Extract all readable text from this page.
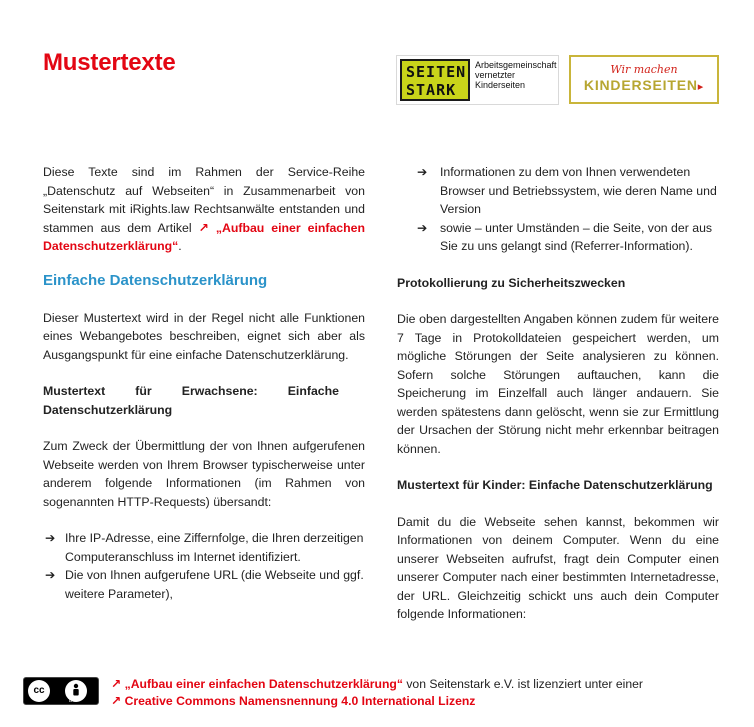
Mustertexte	SEITEN
STARK
Arbeitsgemeinschaft
vernetzter
Kinderseiten
Wir machen
KINDERSEITEN▸

Diese Texte sind im Rahmen der Service-Reihe „Datenschutz auf Webseiten“ in Zusammenarbeit von Seitenstark mit iRights.law Rechtsanwälte entstanden und stammen aus dem Artikel ↗ „Aufbau einer einfachen Datenschutzerklärung“.

Einfache Datenschutzerklärung

Dieser Mustertext wird in der Regel nicht alle Funktionen eines Webangebotes beschreiben, eignet sich aber als Ausgangspunkt für eine einfache Datenschutzerklärung.

Mustertext für Erwachsene: Einfache Datenschutzerklärung

Zum Zweck der Übermittlung der von Ihnen aufgerufenen Webseite werden von Ihrem Browser typischerweise unter anderem folgende Informationen (im Rahmen von sogenannten HTTP-Requests) übersandt:

➔ Ihre IP-Adresse, eine Ziffernfolge, die Ihren derzeitigen Computeranschluss im Internet identifiziert.
➔ Die von Ihnen aufgerufene URL (die Webseite und ggf. weitere Parameter),
➔ Informationen zu dem von Ihnen verwendeten Browser und Betriebssystem, wie deren Name und Version
➔ sowie – unter Umständen – die Seite, von der aus Sie zu uns gelangt sind (Referrer-Information).

Protokollierung zu Sicherheitszwecken

Die oben dargestellten Angaben können zudem für weitere 7 Tage in Protokolldateien gespeichert werden, um mögliche Störungen der Seite analysieren zu können. Sofern solche Störungen auftauchen, kann die Speicherung im Einzelfall auch länger andauern. Sie werden spätestens dann gelöscht, wenn sie zur Ermittlung der Ursachen der Störung nicht mehr erkennbar beitragen können.

Mustertext für Kinder: Einfache Datenschutzerklärung

Damit du die Webseite sehen kannst, bekommen wir Informationen von deinem Computer. Wenn du eine unserer Webseiten aufrufst, fragt dein Computer einen unserer Computer nach einer bestimmten Internetadresse, der URL. Gleichzeitig schickt uns auch dein Computer folgende Informationen:

cc
BY
↗ „Aufbau einer einfachen Datenschutzerklärung“ von Seitenstark e.V. ist lizenziert unter einer
↗ Creative Commons Namensnennung 4.0 International Lizenz
